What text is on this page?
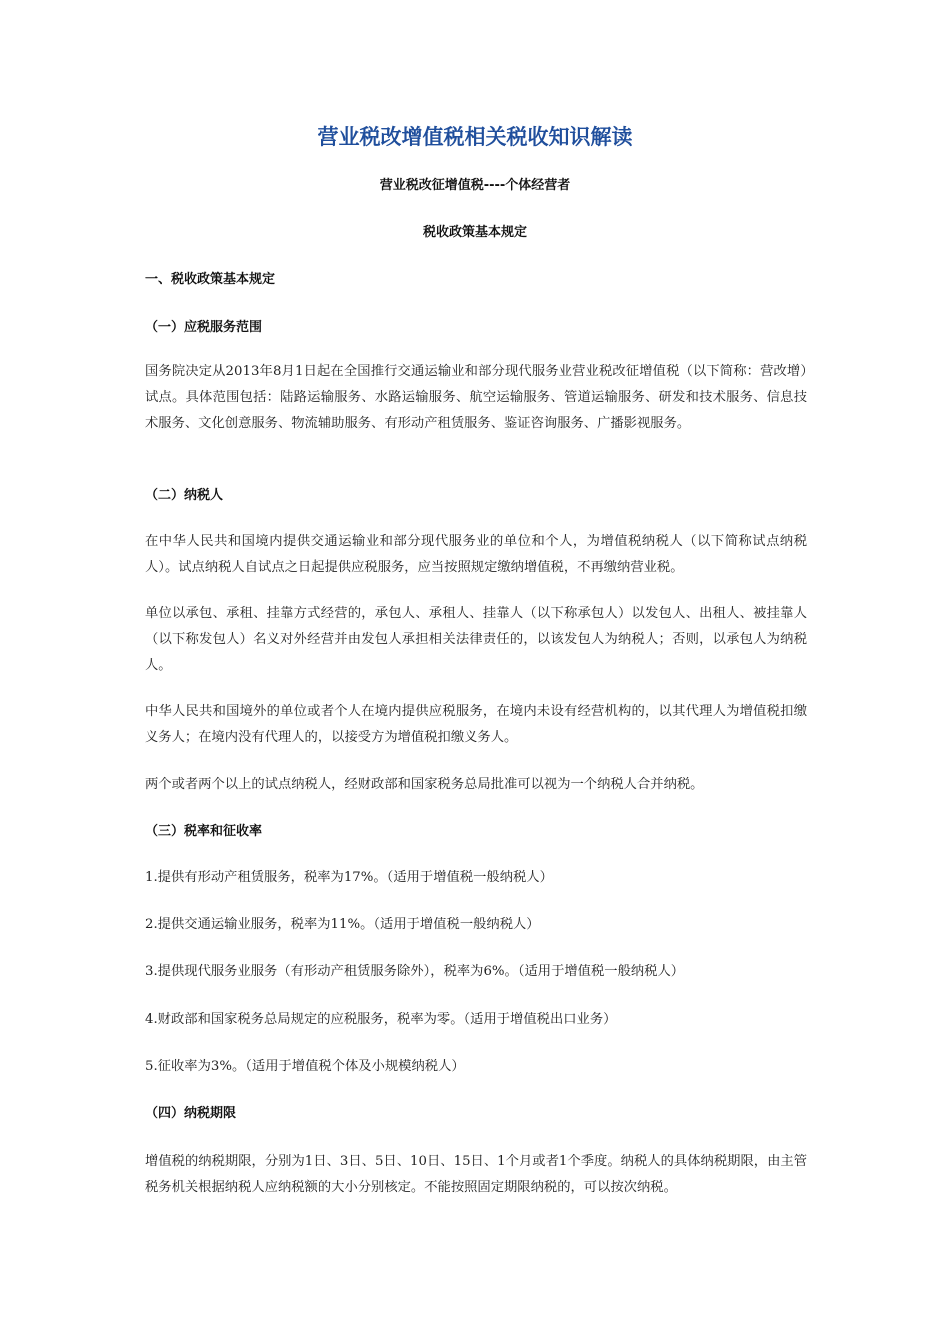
营业税改增值税相关税收知识解读

营业税改征增值税----个体经营者

税收政策基本规定

一、税收政策基本规定

（一）应税服务范围

国务院决定从2013年8月1日起在全国推行交通运输业和部分现代服务业营业税改征增值税（以下简称：营改增）试点。具体范围包括：陆路运输服务、水路运输服务、航空运输服务、管道运输服务、研发和技术服务、信息技术服务、文化创意服务、物流辅助服务、有形动产租赁服务、鉴证咨询服务、广播影视服务。

（二）纳税人

在中华人民共和国境内提供交通运输业和部分现代服务业的单位和个人，为增值税纳税人（以下简称试点纳税人）。试点纳税人自试点之日起提供应税服务，应当按照规定缴纳增值税，不再缴纳营业税。

单位以承包、承租、挂靠方式经营的，承包人、承租人、挂靠人（以下称承包人）以发包人、出租人、被挂靠人（以下称发包人）名义对外经营并由发包人承担相关法律责任的，以该发包人为纳税人；否则，以承包人为纳税人。

中华人民共和国境外的单位或者个人在境内提供应税服务，在境内未设有经营机构的，以其代理人为增值税扣缴义务人；在境内没有代理人的，以接受方为增值税扣缴义务人。

两个或者两个以上的试点纳税人，经财政部和国家税务总局批准可以视为一个纳税人合并纳税。

（三）税率和征收率

1.提供有形动产租赁服务，税率为17%。（适用于增值税一般纳税人）

2.提供交通运输业服务，税率为11%。（适用于增值税一般纳税人）

3.提供现代服务业服务（有形动产租赁服务除外），税率为6%。（适用于增值税一般纳税人）

4.财政部和国家税务总局规定的应税服务，税率为零。（适用于增值税出口业务）

5.征收率为3%。（适用于增值税个体及小规模纳税人）

（四）纳税期限

增值税的纳税期限，分别为1日、3日、5日、10日、15日、1个月或者1个季度。纳税人的具体纳税期限，由主管税务机关根据纳税人应纳税额的大小分别核定。不能按照固定期限纳税的，可以按次纳税。
